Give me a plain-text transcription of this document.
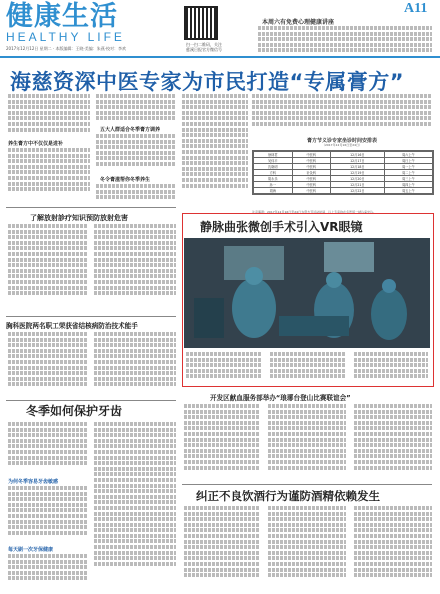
健康生活
HEALTHY LIFE
2017年12月12日 星期二 · 本版编辑：王晓·美编：朱燕·校对：李欢
扫一扫二维码，关注
慈溪日报官方微信号
A11
本周六有免费心理健康讲座
海慈资深中医专家为市民打造“专属膏方”
养生膏方中不仅仅是进补
五大人群适合冬季膏方调养
冬令膏滋帮你冬季养生
膏方节义诊专家坐诊时间安排表
（2017年12月16日至24日）
徐林君	中医科	12月16日	周六上午
吴伟平	中医科	12月17日	周日上午
沈晓明	中医科	12月18日	周一上午
方科	针灸科	12月19日	周二上午
胡永乐	中医科	12月20日	周三上午
孙一	中医科	12月21日	周四上午
胡海	中医科	12月22日	周五上午
注意事项：2017年12月16日至24日为膏方节活动时间，以上专家均在名医馆一楼诊室坐诊。
了解放射診疗知识预防放射危害
胸科医院两名职工荣获省结核病防治技术能手
冬季如何保护牙齿
为何冬季容易牙齿敏感
每天刷一次牙保健康
静脉曲张微创手术引入VR眼镜
开发区献血服务部举办“琅琊台登山比赛联谊会”
纠正不良饮酒行为谨防酒精依赖发生
